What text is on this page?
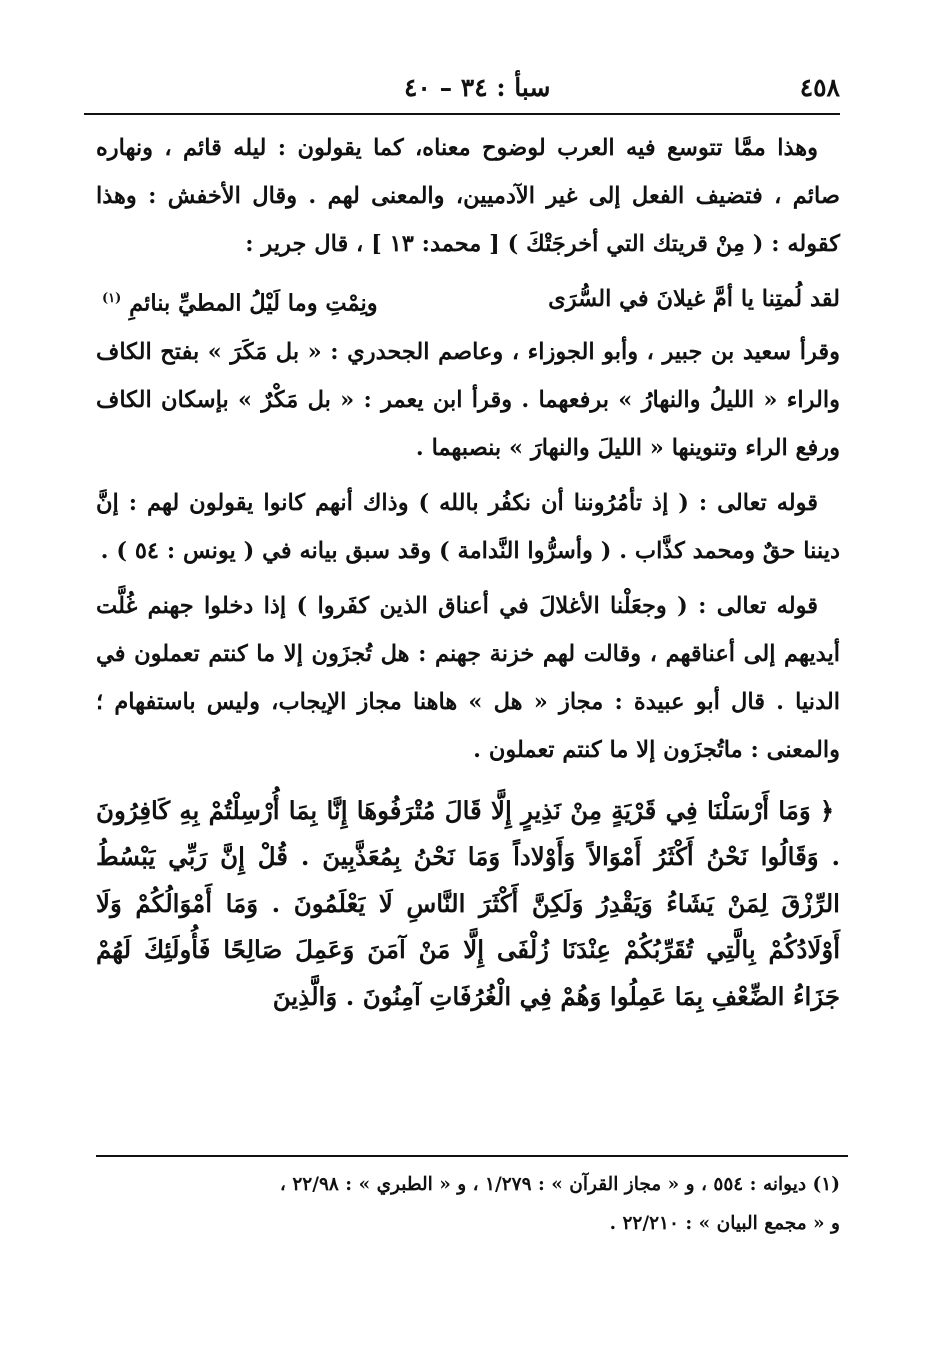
٤٥٨
سبأ : ٣٤ – ٤٠

وهذا ممَّا تتوسع فيه العرب لوضوح معناه، كما يقولون : ليله قائم ، ونهاره صائم ، فتضيف الفعل إلى غير الآدميين، والمعنى لهم . وقال الأخفش : وهذا كقوله : ( مِنْ قريتك التي أخرجَتْكَ ) [ محمد: ١٣ ] ، قال جرير :

لقد لُمتِنا يا أمَّ غيلانَ في السُّرَى
ونِمْتِ وما لَيْلُ المطيِّ بنائمِ $^{(١)}$

وقرأ سعيد بن جبير ، وأبو الجوزاء ، وعاصم الجحدري : « بل مَكَرَ » بفتح الكاف والراء « الليلُ والنهارُ » برفعهما . وقرأ ابن يعمر : « بل مَكْرٌ » بإسكان الكاف ورفع الراء وتنوينها « الليلَ والنهارَ » بنصبهما .

قوله تعالى : ( إذ تأمُرُوننا أن نكفُر بالله ) وذاك أنهم كانوا يقولون لهم : إنَّ ديننا حقٌ ومحمد كذَّاب . ( وأسرُّوا النَّدامة ) وقد سبق بيانه في ( يونس : ٥٤ ) .

قوله تعالى : ( وجعَلْنا الأغلالَ في أعناق الذين كفَروا ) إذا دخلوا جهنم غُلَّت أيديهم إلى أعناقهم ، وقالت لهم خزنة جهنم : هل تُجزَون إلا ما كنتم تعملون في الدنيا . قال أبو عبيدة : مجاز « هل » هاهنا مجاز الإيجاب، وليس باستفهام ؛ والمعنى : ماتُجزَون إلا ما كنتم تعملون .

﴿ وَمَا أَرْسَلْنَا فِي قَرْيَةٍ مِنْ نَذِيرٍ إِلَّا قَالَ مُتْرَفُوهَا إِنَّا بِمَا أُرْسِلْتُمْ بِهِ كَافِرُونَ . وَقَالُوا نَحْنُ أَكْثَرُ أَمْوَالاً وَأَوْلاداً وَمَا نَحْنُ بِمُعَذَّبِينَ . قُلْ إِنَّ رَبِّي يَبْسُطُ الرِّزْقَ لِمَنْ يَشَاءُ وَيَقْدِرُ وَلَكِنَّ أَكْثَرَ النَّاسِ لَا يَعْلَمُونَ . وَمَا أَمْوَالُكُمْ وَلَا أَوْلَادُكُمْ بِالَّتِي تُقَرِّبُكُمْ عِنْدَنَا زُلْفَى إِلَّا مَنْ آمَنَ وَعَمِلَ صَالِحًا فَأُولَئِكَ لَهُمْ جَزَاءُ الضِّعْفِ بِمَا عَمِلُوا وَهُمْ فِي الْغُرُفَاتِ آمِنُونَ . وَالَّذِينَ

(١) ديوانه : ٥٥٤ ، و « مجاز القرآن » : ١/٢٧٩ ، و « الطبري » : ٢٢/٩٨ ،

و « مجمع البيان » : ٢٢/٢١٠ .
